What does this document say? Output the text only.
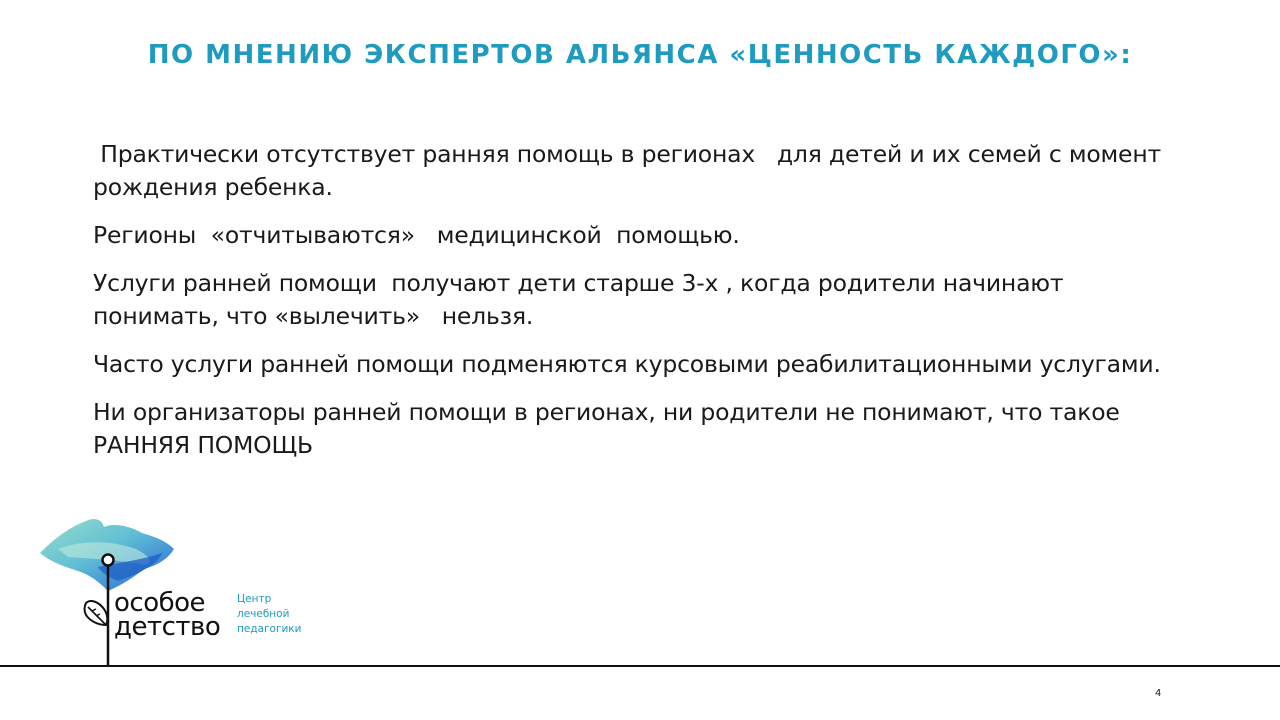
ПО МНЕНИЮ ЭКСПЕРТОВ АЛЬЯНСА «ЦЕННОСТЬ КАЖДОГО»:

Практически отсутствует ранняя помощь в регионах   для детей и их семей с момент  рождения ребенка.

Регионы  «отчитываются»   медицинской  помощью.

Услуги ранней помощи  получают дети старше 3-х , когда родители начинают понимать, что «вылечить»   нельзя.

Часто услуги ранней помощи подменяются курсовыми реабилитационными услугами.

Ни организаторы ранней помощи в регионах, ни родители не понимают, что такое РАННЯЯ ПОМОЩЬ

особое
детство
Центр
лечебной
педагогики
4
